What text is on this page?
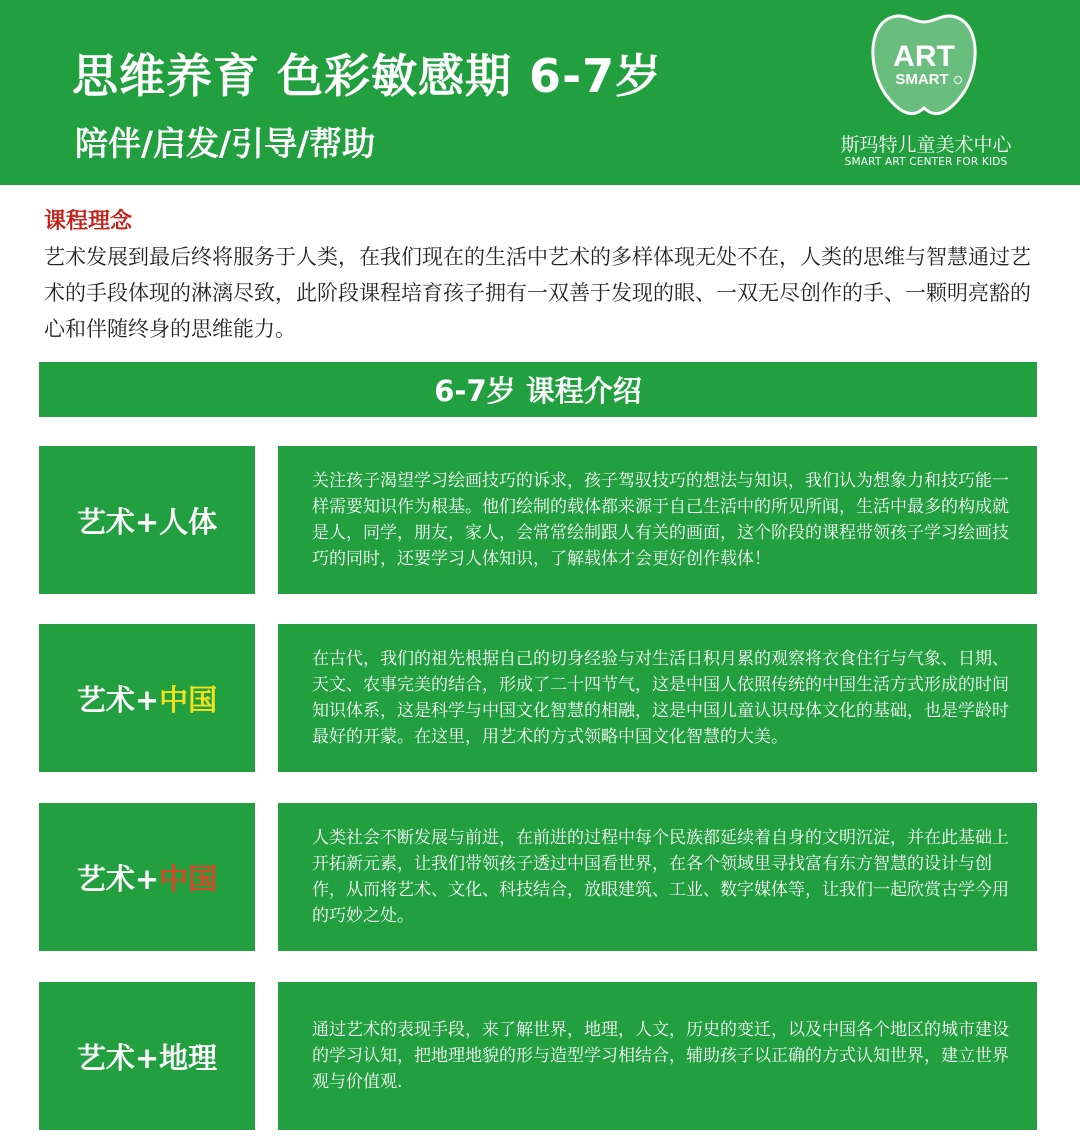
思维养育 色彩敏感期 6-7岁

陪伴/启发/引导/帮助

ART
SMART
斯玛特儿童美术中心
SMART ART CENTER FOR KIDS
课程理念

艺术发展到最后终将服务于人类，在我们现在的生活中艺术的多样体现无处不在，人类的思维与智慧通过艺术的手段体现的淋漓尽致，此阶段课程培育孩子拥有一双善于发现的眼、一双无尽创作的手、一颗明亮豁的心和伴随终身的思维能力。

6-7岁 课程介绍
艺术+ 人体

关注孩子渴望学习绘画技巧的诉求，孩子驾驭技巧的想法与知识，我们认为想象力和技巧能一样需要知识作为根基。他们绘制的载体都来源于自己生活中的所见所闻，生活中最多的构成就是人，同学，朋友，家人，会常常绘制跟人有关的画面，这个阶段的课程带领孩子学习绘画技巧的同时，还要学习人体知识，了解载体才会更好创作载体！

艺术+ 中国

在古代，我们的祖先根据自己的切身经验与对生活日积月累的观察将衣食住行与气象、日期、天文、农事完美的结合，形成了二十四节气，这是中国人依照传统的中国生活方式形成的时间知识体系，这是科学与中国文化智慧的相融，这是中国儿童认识母体文化的基础，也是学龄时最好的开蒙。在这里，用艺术的方式领略中国文化智慧的大美。

艺术+ 中国

人类社会不断发展与前进，在前进的过程中每个民族都延续着自身的文明沉淀，并在此基础上开拓新元素，让我们带领孩子透过中国看世界，在各个领域里寻找富有东方智慧的设计与创作，从而将艺术、文化、科技结合，放眼建筑、工业、数字媒体等，让我们一起欣赏古学今用的巧妙之处。

艺术+ 地理

通过艺术的表现手段，来了解世界，地理，人文，历史的变迁，以及中国各个地区的城市建设的学习认知，把地理地貌的形与造型学习相结合，辅助孩子以正确的方式认知世界，建立世界观与价值观.
